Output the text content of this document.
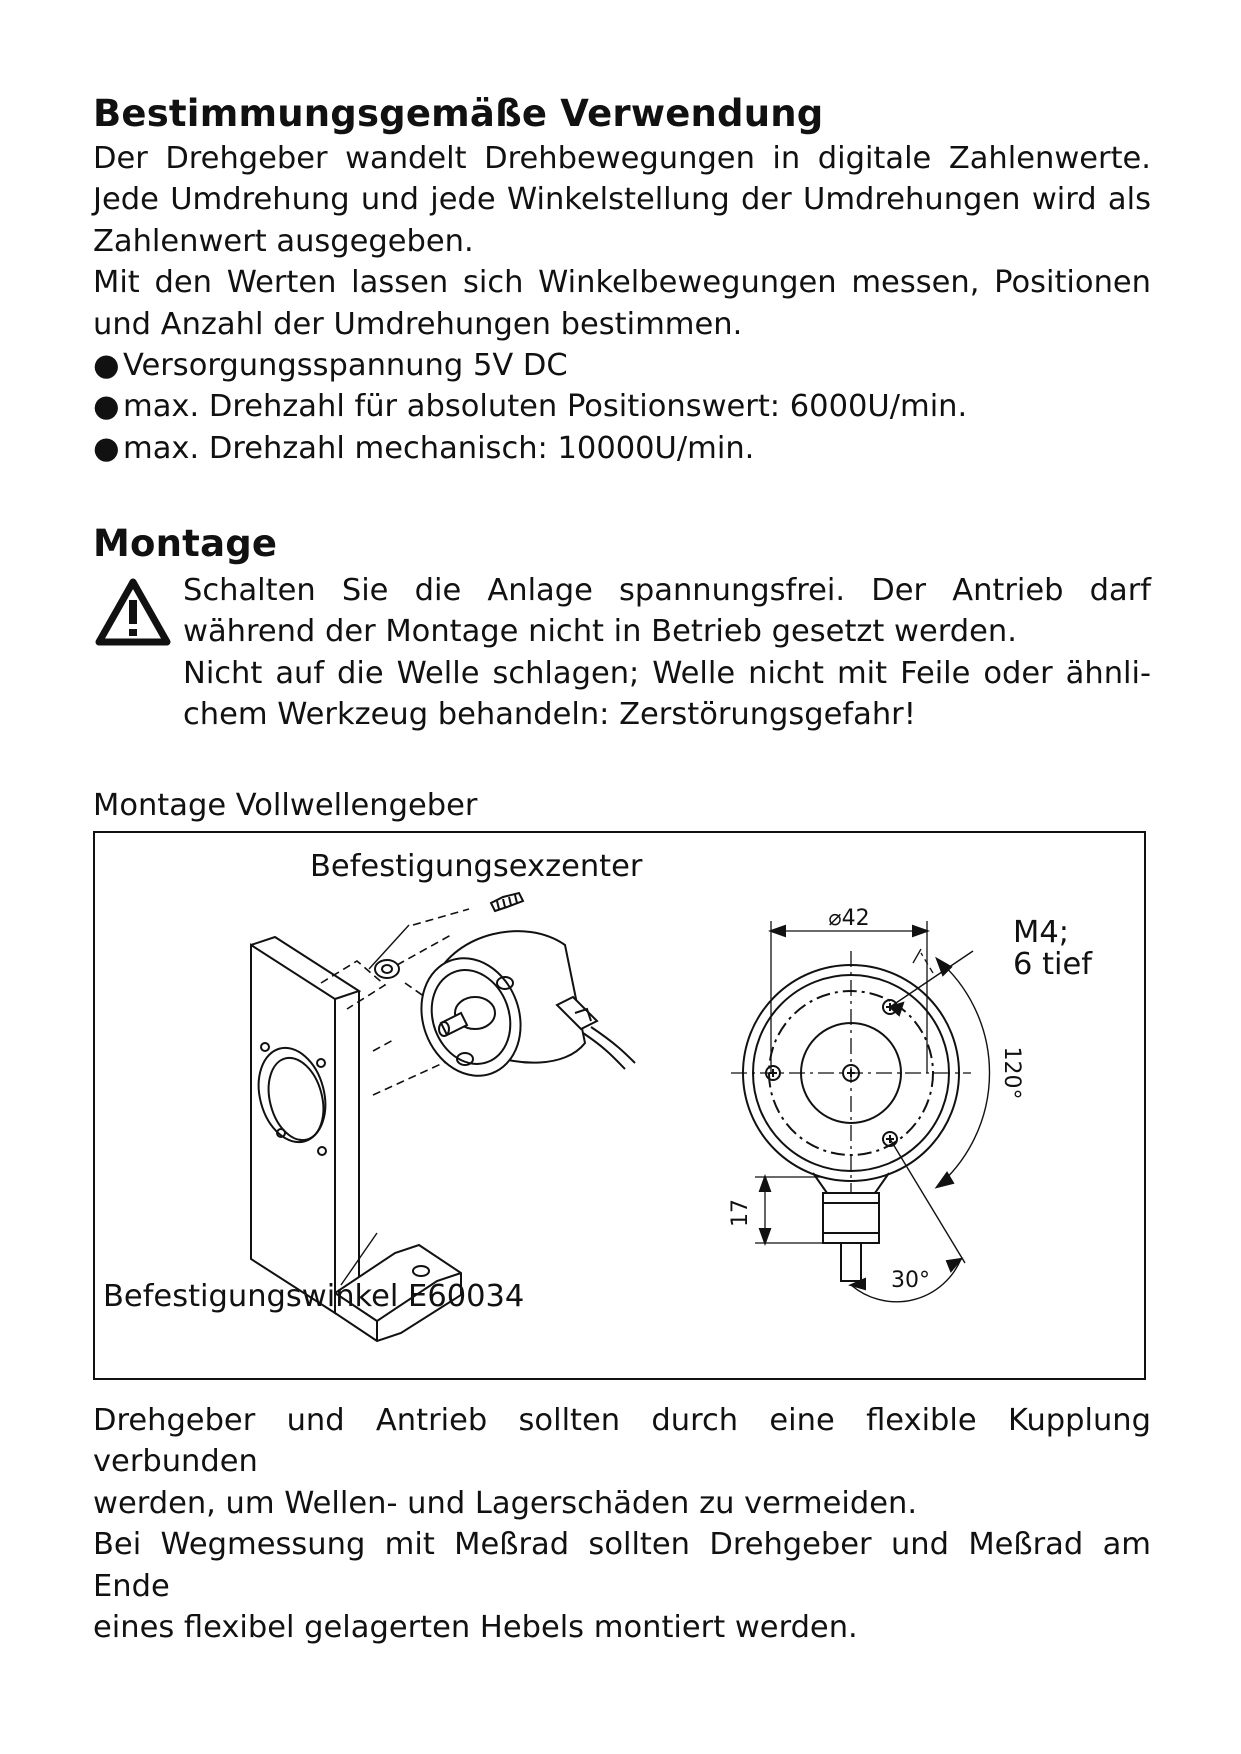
Bestimmungsgemäße Verwendung
Der Drehgeber wandelt Drehbewegungen in digitale Zahlenwerte.
Jede Umdrehung und jede Winkelstellung der Umdrehungen wird als
Zahlenwert ausgegeben.
Mit den Werten lassen sich Winkelbewegungen messen, Positionen
und Anzahl der Umdrehungen bestimmen.
● Versorgungsspannung 5V DC
● max. Drehzahl für absoluten Positionswert: 6000U/min.
● max. Drehzahl mechanisch: 10000U/min.
Montage
Schalten Sie die Anlage spannungsfrei. Der Antrieb darf
während der Montage nicht in Betrieb gesetzt werden.
Nicht auf die Welle schlagen; Welle nicht mit Feile oder ähnli-
chem Werkzeug behandeln: Zerstörungsgefahr!
Montage Vollwellengeber
⌀42
120°
17
30°
Befestigungsexzenter
Befestigungswinkel E60034
M4;
6 tief
Drehgeber und Antrieb sollten durch eine flexible Kupplung verbunden
werden, um Wellen- und Lagerschäden zu vermeiden.
Bei Wegmessung mit Meßrad sollten Drehgeber und Meßrad am Ende
eines flexibel gelagerten Hebels montiert werden.
